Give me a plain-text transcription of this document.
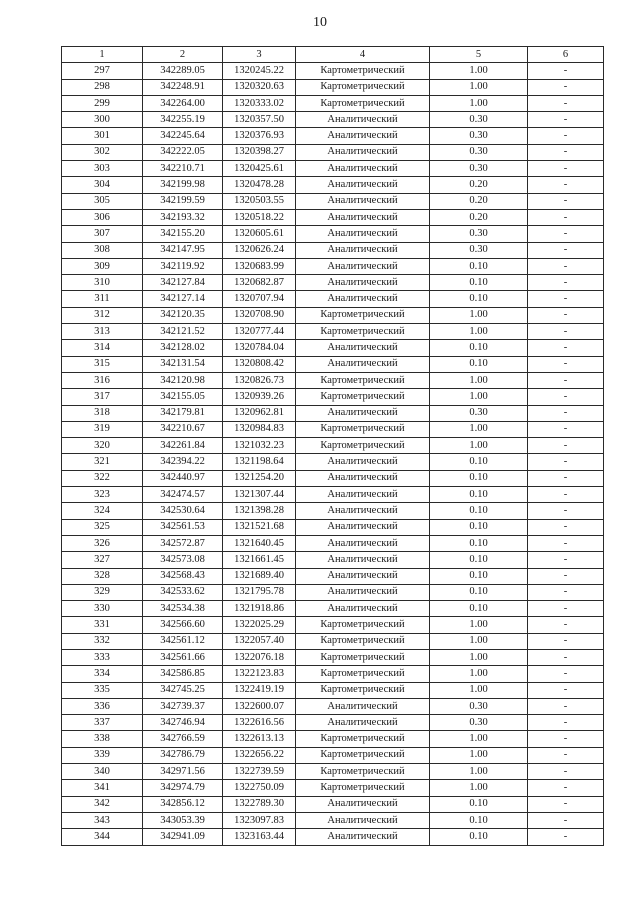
10
1	2	3	4	5	6
297	342289.05	1320245.22	Картометрический	1.00	-
298	342248.91	1320320.63	Картометрический	1.00	-
299	342264.00	1320333.02	Картометрический	1.00	-
300	342255.19	1320357.50	Аналитический	0.30	-
301	342245.64	1320376.93	Аналитический	0.30	-
302	342222.05	1320398.27	Аналитический	0.30	-
303	342210.71	1320425.61	Аналитический	0.30	-
304	342199.98	1320478.28	Аналитический	0.20	-
305	342199.59	1320503.55	Аналитический	0.20	-
306	342193.32	1320518.22	Аналитический	0.20	-
307	342155.20	1320605.61	Аналитический	0.30	-
308	342147.95	1320626.24	Аналитический	0.30	-
309	342119.92	1320683.99	Аналитический	0.10	-
310	342127.84	1320682.87	Аналитический	0.10	-
311	342127.14	1320707.94	Аналитический	0.10	-
312	342120.35	1320708.90	Картометрический	1.00	-
313	342121.52	1320777.44	Картометрический	1.00	-
314	342128.02	1320784.04	Аналитический	0.10	-
315	342131.54	1320808.42	Аналитический	0.10	-
316	342120.98	1320826.73	Картометрический	1.00	-
317	342155.05	1320939.26	Картометрический	1.00	-
318	342179.81	1320962.81	Аналитический	0.30	-
319	342210.67	1320984.83	Картометрический	1.00	-
320	342261.84	1321032.23	Картометрический	1.00	-
321	342394.22	1321198.64	Аналитический	0.10	-
322	342440.97	1321254.20	Аналитический	0.10	-
323	342474.57	1321307.44	Аналитический	0.10	-
324	342530.64	1321398.28	Аналитический	0.10	-
325	342561.53	1321521.68	Аналитический	0.10	-
326	342572.87	1321640.45	Аналитический	0.10	-
327	342573.08	1321661.45	Аналитический	0.10	-
328	342568.43	1321689.40	Аналитический	0.10	-
329	342533.62	1321795.78	Аналитический	0.10	-
330	342534.38	1321918.86	Аналитический	0.10	-
331	342566.60	1322025.29	Картометрический	1.00	-
332	342561.12	1322057.40	Картометрический	1.00	-
333	342561.66	1322076.18	Картометрический	1.00	-
334	342586.85	1322123.83	Картометрический	1.00	-
335	342745.25	1322419.19	Картометрический	1.00	-
336	342739.37	1322600.07	Аналитический	0.30	-
337	342746.94	1322616.56	Аналитический	0.30	-
338	342766.59	1322613.13	Картометрический	1.00	-
339	342786.79	1322656.22	Картометрический	1.00	-
340	342971.56	1322739.59	Картометрический	1.00	-
341	342974.79	1322750.09	Картометрический	1.00	-
342	342856.12	1322789.30	Аналитический	0.10	-
343	343053.39	1323097.83	Аналитический	0.10	-
344	342941.09	1323163.44	Аналитический	0.10	-
